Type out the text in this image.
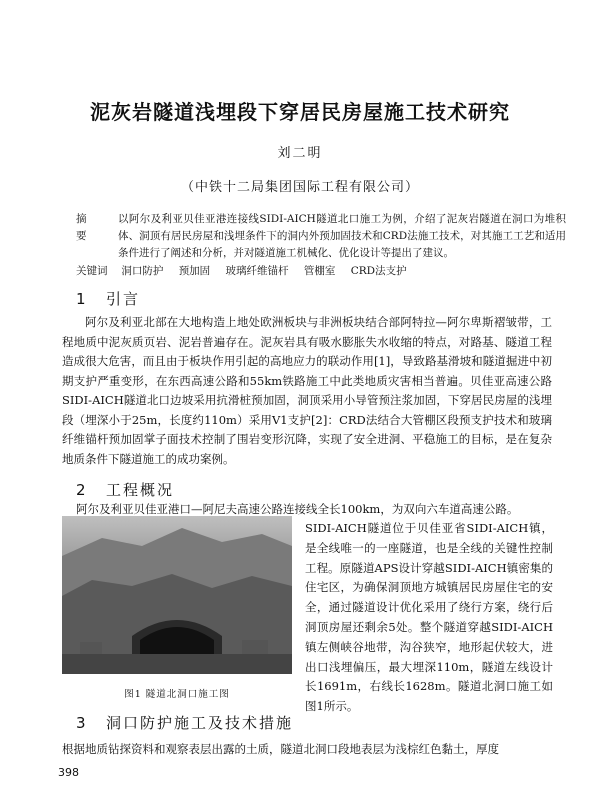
泥灰岩隧道浅埋段下穿居民房屋施工技术研究
刘二明
（中铁十二局集团国际工程有限公司）
摘要
以阿尔及利亚贝佳亚港连接线SIDI-AICH隧道北口施工为例，介绍了泥灰岩隧道在洞口为堆积体、洞顶有居民房屋和浅埋条件下的洞内外预加固技术和CRD法施工技术，对其施工工艺和适用条件进行了阐述和分析，并对隧道施工机械化、优化设计等提出了建议。
关键词 洞口防护 预加固 玻璃纤维锚杆 管棚室 CRD法支护
1 引言
阿尔及利亚北部在大地构造上地处欧洲板块与非洲板块结合部阿特拉—阿尔卑斯褶皱带，工程地质中泥灰质页岩、泥岩普遍存在。泥灰岩具有吸水膨胀失水收缩的特点，对路基、隧道工程造成很大危害，而且由于板块作用引起的高地应力的联动作用[1]，导致路基滑坡和隧道掘进中初期支护严重变形，在东西高速公路和55km铁路施工中此类地质灾害相当普遍。贝佳亚高速公路SIDI-AICH隧道北口边坡采用抗滑桩预加固，洞顶采用小导管预注浆加固，下穿居民房屋的浅埋段（埋深小于25m，长度约110m）采用V1支护[2]：CRD法结合大管棚区段预支护技术和玻璃纤维锚杆预加固掌子面技术控制了围岩变形沉降，实现了安全进洞、平稳施工的目标，是在复杂地质条件下隧道施工的成功案例。
2 工程概况
阿尔及利亚贝佳亚港口—阿尼夫高速公路连接线全长100km，为双向六车道高速公路。
图1 隧道北洞口施工图
SIDI-AICH隧道位于贝佳亚省SIDI-AICH镇，是全线唯一的一座隧道，也是全线的关键性控制工程。原隧道APS设计穿越SIDI-AICH镇密集的住宅区，为确保洞顶地方城镇居民房屋住宅的安全，通过隧道设计优化采用了绕行方案，绕行后洞顶房屋还剩余5处。整个隧道穿越SIDI-AICH镇左侧峡谷地带，沟谷狭窄，地形起伏较大，进出口浅埋偏压，最大埋深110m，隧道左线设计长1691m，右线长1628m。隧道北洞口施工如图1所示。
3 洞口防护施工及技术措施
根据地质钻探资料和观察表层出露的土质，隧道北洞口段地表层为浅棕红色黏土，厚度
398
